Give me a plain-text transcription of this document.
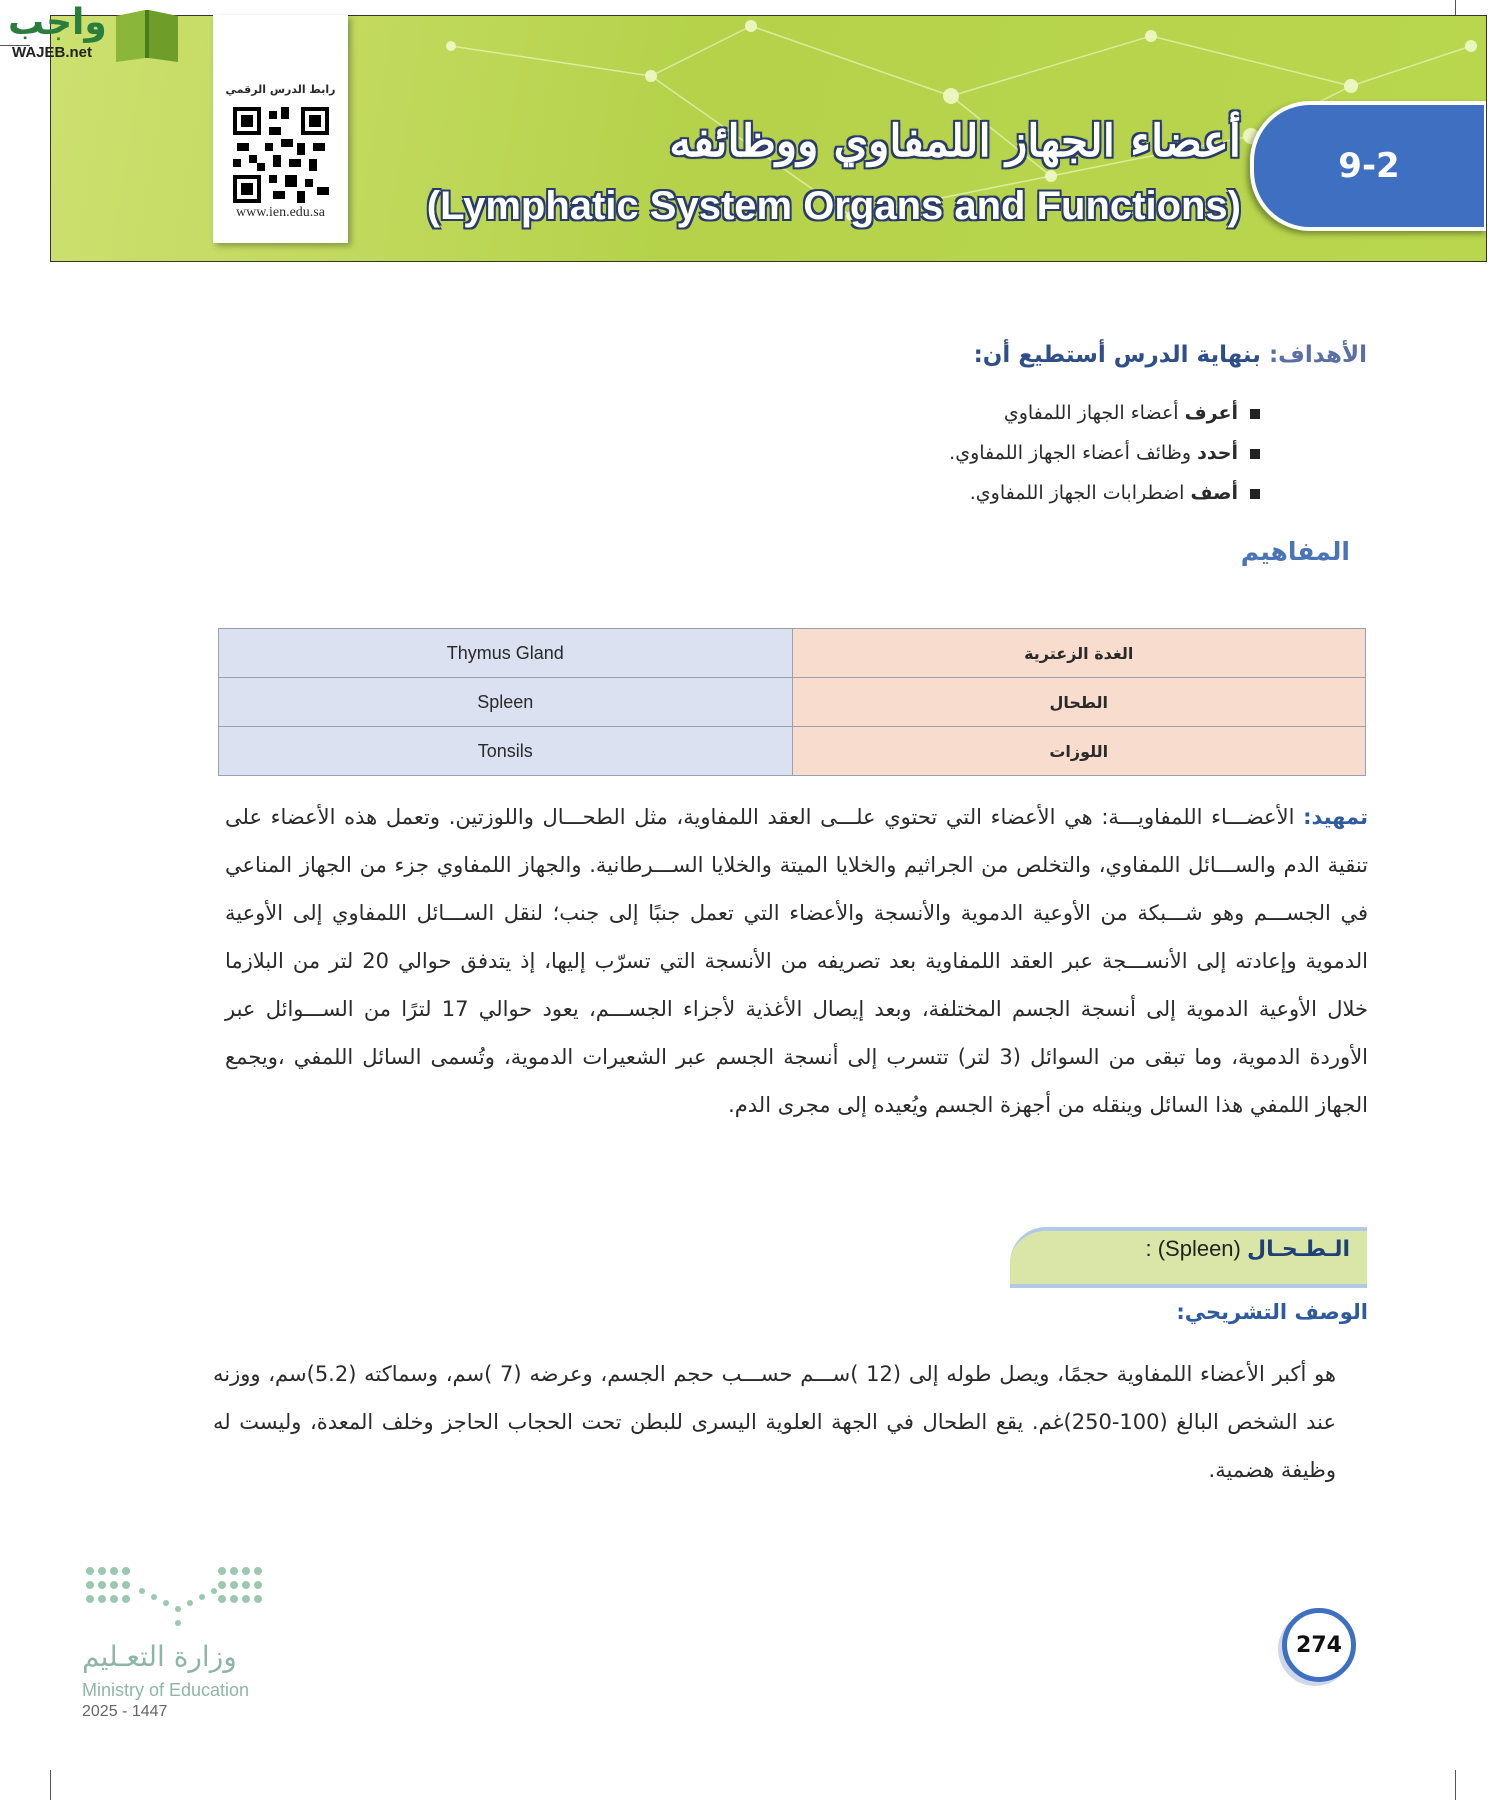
9-2
أعضاء الجهاز اللمفاوي ووظائفه
(Lymphatic System Organs and Functions)
رابط الدرس الرقمي
www.ien.edu.sa
واجب
WAJEB.net
الأهداف: بنهاية الدرس أستطيع أن:
أعرف أعضاء الجهاز اللمفاوي
أحدد وظائف أعضاء الجهاز اللمفاوي.
أصف اضطرابات الجهاز اللمفاوي.
المفاهيم
Thymus Gland	الغدة الزعترية
Spleen	الطحال
Tonsils	اللوزات
تمهيد: الأعضـــاء اللمفاويـــة: هي الأعضاء التي تحتوي علـــى العقد اللمفاوية، مثل الطحـــال واللوزتين. وتعمل هذه الأعضاء على تنقية الدم والســـائل اللمفاوي، والتخلص من الجراثيم والخلايا الميتة والخلايا الســـرطانية. والجهاز اللمفاوي جزء من الجهاز المناعي في الجســـم وهو شـــبكة من الأوعية الدموية والأنسجة والأعضاء التي تعمل جنبًا إلى جنب؛ لنقل الســـائل اللمفاوي إلى الأوعية الدموية وإعادته إلى الأنســـجة عبر العقد اللمفاوية بعد تصريفه من الأنسجة التي تسرّب إليها، إذ يتدفق حوالي 20 لتر من البلازما خلال الأوعية الدموية إلى أنسجة الجسم المختلفة، وبعد إيصال الأغذية لأجزاء الجســـم، يعود حوالي 17 لترًا من الســـوائل عبر الأوردة الدموية، وما تبقى من السوائل (3 لتر) تتسرب إلى أنسجة الجسم عبر الشعيرات الدموية، وتُسمى السائل اللمفي ،ويجمع الجهاز اللمفي هذا السائل وينقله من أجهزة الجسم ويُعيده إلى مجرى الدم.
الـطـحـال (Spleen) :
الوصف التشريحي:
هو أكبر الأعضاء اللمفاوية حجمًا، ويصل طوله إلى (12 )ســـم حســـب حجم الجسم، وعرضه (7 )سم، وسماكته (5.2)سم، ووزنه عند الشخص البالغ (100-250)غم. يقع الطحال في الجهة العلوية اليسرى للبطن تحت الحجاب الحاجز وخلف المعدة، وليست له وظيفة هضمية.
وزارة التعـليم
Ministry of Education
2025 - 1447
274
